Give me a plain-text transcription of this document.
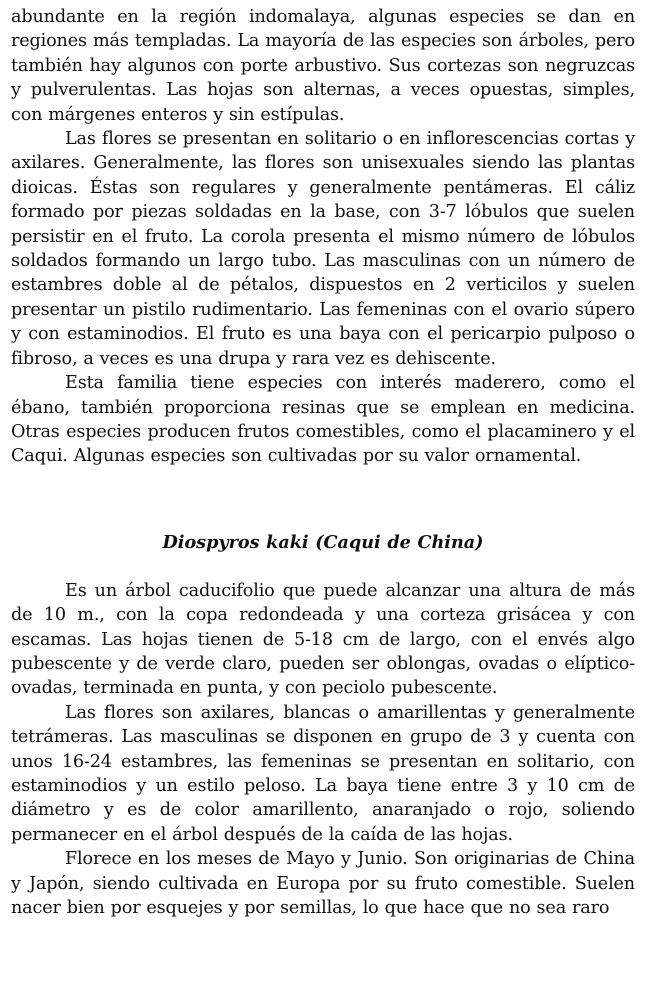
abundante en la región indomalaya, algunas especies se dan en regiones más templadas. La mayoría de las especies son árboles, pero también hay algunos con porte arbustivo. Sus cortezas son negruzcas y pulverulentas. Las hojas son alternas, a veces opuestas, simples, con márgenes enteros y sin estípulas.

Las flores se presentan en solitario o en inflorescencias cortas y axilares. Generalmente, las flores son unisexuales siendo las plantas dioicas. Éstas son regulares y generalmente pentámeras. El cáliz formado por piezas soldadas en la base, con 3-7 lóbulos que suelen persistir en el fruto. La corola presenta el mismo número de lóbulos soldados formando un largo tubo. Las masculinas con un número de estambres doble al de pétalos, dispuestos en 2 verticilos y suelen presentar un pistilo rudimentario. Las femeninas con el ovario súpero y con estaminodios. El fruto es una baya con el pericarpio pulposo o fibroso, a veces es una drupa y rara vez es dehiscente.

Esta familia tiene especies con interés maderero, como el ébano, también proporciona resinas que se emplean en medicina. Otras especies producen frutos comestibles, como el placaminero y el Caqui. Algunas especies son cultivadas por su valor ornamental.

Diospyros kaki (Caqui de China)

Es un árbol caducifolio que puede alcanzar una altura de más de 10 m., con la copa redondeada y una corteza grisácea y con escamas. Las hojas tienen de 5-18 cm de largo, con el envés algo pubescente y de verde claro, pueden ser oblongas, ovadas o elíptico-ovadas, terminada en punta, y con peciolo pubescente.

Las flores son axilares, blancas o amarillentas y generalmente tetrámeras. Las masculinas se disponen en grupo de 3 y cuenta con unos 16-24 estambres, las femeninas se presentan en solitario, con estaminodios y un estilo peloso. La baya tiene entre 3 y 10 cm de diámetro y es de color amarillento, anaranjado o rojo, soliendo permanecer en el árbol después de la caída de las hojas.

Florece en los meses de Mayo y Junio. Son originarias de China y Japón, siendo cultivada en Europa por su fruto comestible. Suelen nacer bien por esquejes y por semillas, lo que hace que no sea raro
